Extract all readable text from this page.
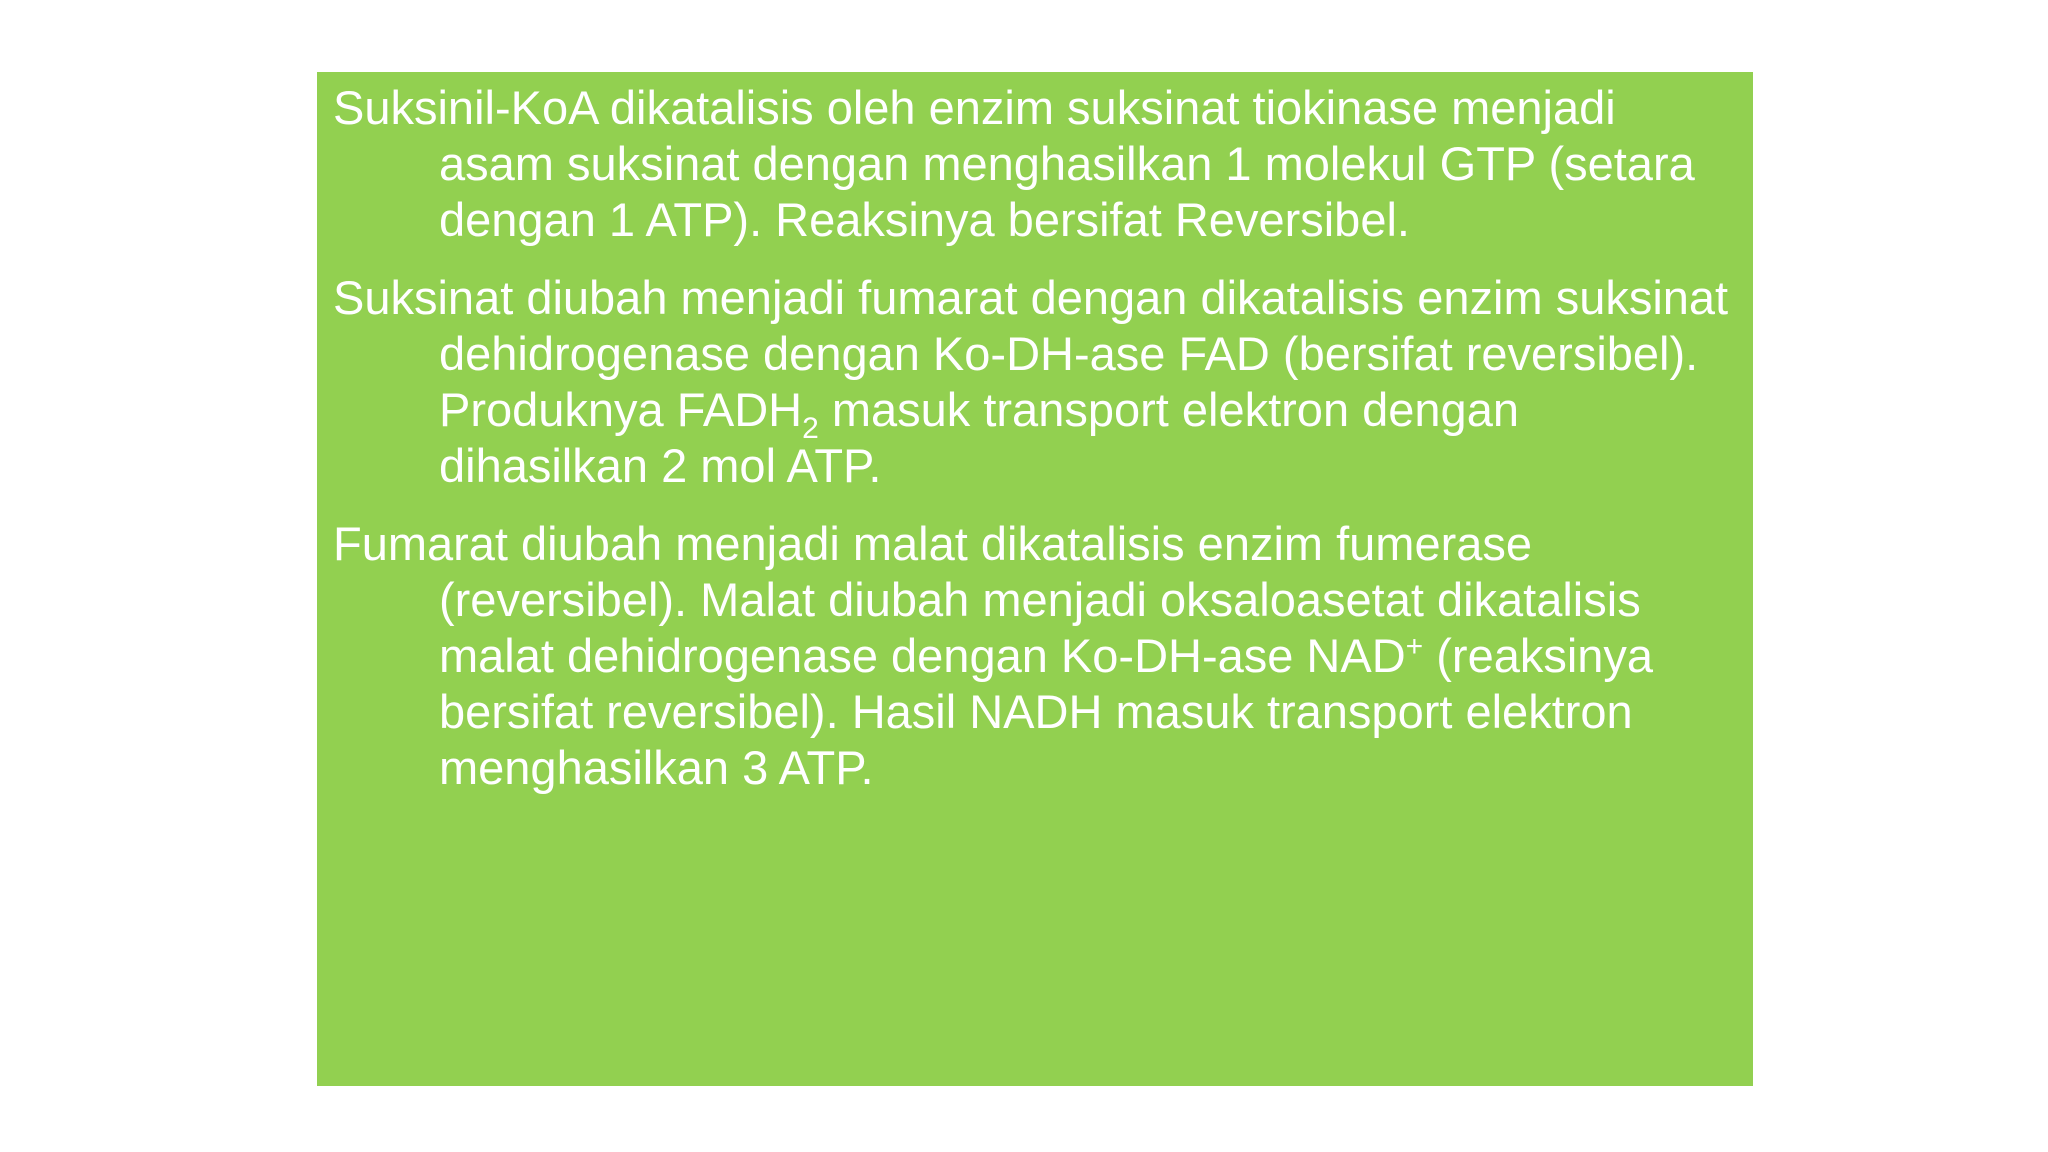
Suksinil-KoA dikatalisis oleh enzim suksinat tiokinase menjadi asam suksinat dengan menghasilkan 1 molekul GTP (setara dengan 1 ATP). Reaksinya bersifat Reversibel.

Suksinat diubah menjadi fumarat dengan dikatalisis enzim suksinat dehidrogenase dengan Ko-DH-ase FAD (bersifat reversibel). Produknya $FADH_2$ masuk transport elektron dengan dihasilkan 2 mol ATP.

Fumarat diubah menjadi malat dikatalisis enzim fumerase (reversibel). Malat diubah menjadi oksaloasetat dikatalisis malat dehidrogenase dengan Ko-DH-ase NAD+ (reaksinya bersifat reversibel). Hasil NADH masuk transport elektron menghasilkan 3 ATP.
